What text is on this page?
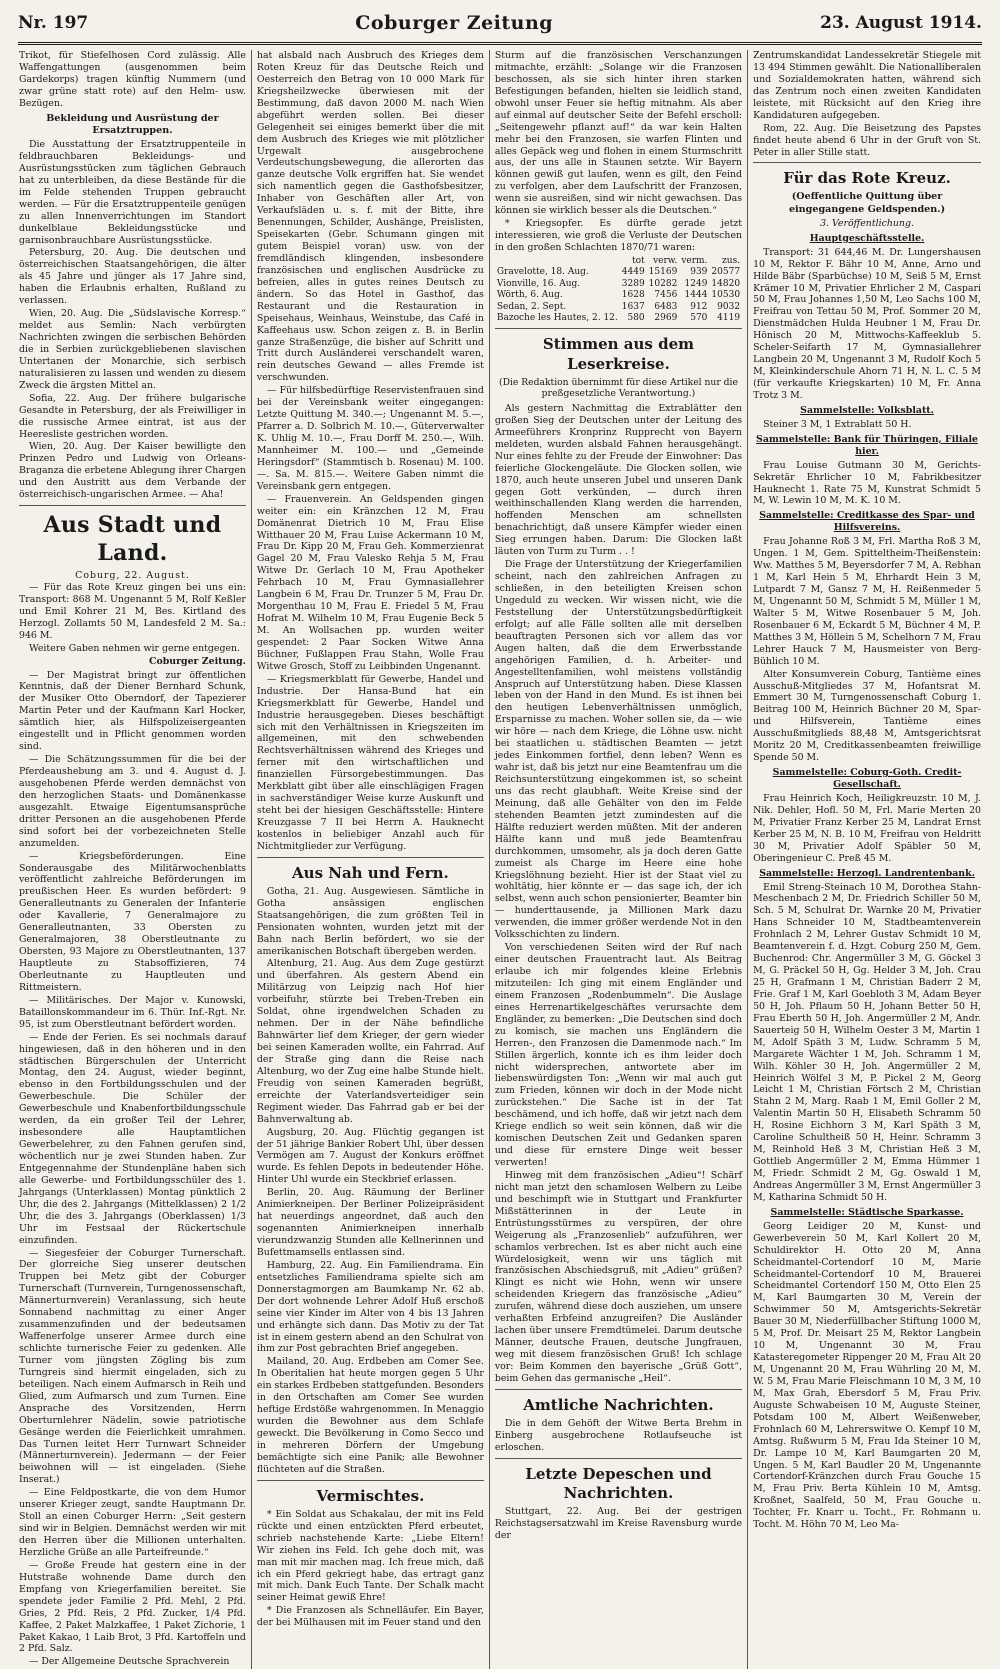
Nr. 197	Coburger Zeitung	23. August 1914.

Trikot, für Stiefelhosen Cord zulässig. Alle Waffengattungen (ausgenommen beim Gardekorps) tragen künftig Nummern (und zwar grüne statt rote) auf den Helm- usw. Bezügen.

Bekleidung und Ausrüstung der Ersatztruppen.

Die Ausstattung der Ersatztruppenteile in feldbrauchbaren Bekleidungs- und Ausrüstungsstücken zum täglichen Gebrauch hat zu unterbleiben, da diese Bestände für die im Felde stehenden Truppen gebraucht werden. — Für die Ersatztruppenteile genügen zu allen Innenverrichtungen im Standort dunkelblaue Bekleidungsstücke und garnisonbrauchbare Ausrüstungsstücke.

Petersburg, 20. Aug. Die deutschen und österreichischen Staatsangehörigen, die älter als 45 Jahre und jünger als 17 Jahre sind, haben die Erlaubnis erhalten, Rußland zu verlassen.

Wien, 20. Aug. Die „Südslavische Korresp.“ meldet aus Semlin: Nach verbürgten Nachrichten zwingen die serbischen Behörden die in Serbien zurückgebliebenen slavischen Untertanen der Monarchie, sich serbisch naturalisieren zu lassen und wenden zu diesem Zweck die ärgsten Mittel an.

Sofia, 22. Aug. Der frühere bulgarische Gesandte in Petersburg, der als Freiwilliger in die russische Armee eintrat, ist aus der Heeresliste gestrichen worden.

Wien, 20. Aug. Der Kaiser bewilligte den Prinzen Pedro und Ludwig von Orleans-Braganza die erbetene Ablegung ihrer Chargen und den Austritt aus dem Verbande der österreichisch-ungarischen Armee. — Aha!

Aus Stadt und Land.
Coburg, 22. August.

— Für das Rote Kreuz gingen bei uns ein: Transport: 868 M. Ungenannt 5 M, Rolf Keßler und Emil Kohrer 21 M, Bes. Kirtland des Herzogl. Zollamts 50 M, Landesfeld 2 M. Sa.: 946 M.

Weitere Gaben nehmen wir gerne entgegen.

Coburger Zeitung.

— Der Magistrat bringt zur öffentlichen Kenntnis, daß der Diener Bernhard Schunk, der Musiker Otto Oberndorf, der Tapezierer Martin Peter und der Kaufmann Karl Hocker, sämtlich hier, als Hilfspolizeisergeanten eingestellt und in Pflicht genommen worden sind.

— Die Schätzungssummen für die bei der Pferdeaushebung am 3. und 4. August d. J. ausgehobenen Pferde werden demnächst von den herzoglichen Staats- und Domänenkasse ausgezahlt. Etwaige Eigentumsansprüche dritter Personen an die ausgehobenen Pferde sind sofort bei der vorbezeichneten Stelle anzumelden.

— Kriegsbeförderungen. Eine Sonderausgabe des Militärwochenblatts veröffentlicht zahlreiche Beförderungen im preußischen Heer. Es wurden befördert: 9 Generalleutnants zu Generalen der Infanterie oder Kavallerie, 7 Generalmajore zu Generalleutnanten, 33 Obersten zu Generalmajoren, 38 Oberstleutnante zu Obersten, 93 Majore zu Oberstleutnanten, 137 Hauptleute zu Stabsoffizieren, 74 Oberleutnante zu Hauptleuten und Rittmeistern.

— Militärisches. Der Major v. Kunowski, Bataillonskommandeur im 6. Thür. Inf.-Rgt. Nr. 95, ist zum Oberstleutnant befördert worden.

— Ende der Ferien. Es sei nochmals darauf hingewiesen, daß in den höheren und in den städtischen Bürgerschulen der Unterricht Montag, den 24. August, wieder beginnt, ebenso in den Fortbildungsschulen und der Gewerbeschule. Die Schüler der Gewerbeschule und Knabenfortbildungsschule werden, da ein großer Teil der Lehrer, insbesondere alle Hauptamtlichen Gewerbelehrer, zu den Fahnen gerufen sind, wöchentlich nur je zwei Stunden haben. Zur Entgegennahme der Stundenpläne haben sich alle Gewerbe- und Fortbildungsschüler des 1. Jahrgangs (Unterklassen) Montag pünktlich 2 Uhr, die des 2. Jahrgangs (Mittelklassen) 2 1/2 Uhr, die des 3. Jahrgangs (Oberklassen) 1/3 Uhr im Festsaal der Rückertschule einzufinden.

— Siegesfeier der Coburger Turnerschaft. Der glorreiche Sieg unserer deutschen Truppen bei Metz gibt der Coburger Turnerschaft (Turnverein, Turngenossenschaft, Männerturnverein) Veranlassung, sich heute Sonnabend nachmittag zu einer Anger zusammenzufinden und der bedeutsamen Waffenerfolge unserer Armee durch eine schlichte turnerische Feier zu gedenken. Alle Turner vom jüngsten Zögling bis zum Turngreis sind hiermit eingeladen, sich zu beteiligen. Nach einem Aufmarsch in Reih und Glied, zum Aufmarsch und zum Turnen. Eine Ansprache des Vorsitzenden, Herrn Oberturnlehrer Nädelin, sowie patriotische Gesänge werden die Feierlichkeit umrahmen. Das Turnen leitet Herr Turnwart Schneider (Männerturnverein). Jedermann — der Feier beiwohnen will — ist eingeladen. (Siehe Inserat.)

— Eine Feldpostkarte, die von dem Humor unserer Krieger zeugt, sandte Hauptmann Dr. Stoll an einen Coburger Herrn: „Seit gestern sind wir in Belgien. Demnächst werden wir mit den Herren über die Millionen unterhalten. Herzliche Grüße an alle Parteifreunde.“

— Große Freude hat gestern eine in der Hutstraße wohnende Dame durch den Empfang von Kriegerfamilien bereitet. Sie spendete jeder Familie 2 Pfd. Mehl, 2 Pfd. Gries, 2 Pfd. Reis, 2 Pfd. Zucker, 1/4 Pfd. Kaffee, 2 Paket Malzkaffee, 1 Paket Zichorie, 1 Paket Kakao, 1 Laib Brot, 3 Pfd. Kartoffeln und 2 Pfd. Salz.

— Der Allgemeine Deutsche Sprachverein

hat alsbald nach Ausbruch des Krieges dem Roten Kreuz für das Deutsche Reich und Oesterreich den Betrag von 10 000 Mark für Kriegsheilzwecke überwiesen mit der Bestimmung, daß davon 2000 M. nach Wien abgeführt werden sollen. Bei dieser Gelegenheit sei einiges bemerkt über die mit dem Ausbruch des Krieges wie mit plötzlicher Urgewalt ausgebrochene Verdeutschungsbewegung, die allerorten das ganze deutsche Volk ergriffen hat. Sie wendet sich namentlich gegen die Gasthofsbesitzer, Inhaber von Geschäften aller Art, von Verkaufsläden u. s. f. mit der Bitte, ihre Benennungen, Schilder, Aushänge, Preislisten, Speisekarten (Gebr. Schumann gingen mit gutem Beispiel voran) usw. von der fremdländisch klingenden, insbesondere französischen und englischen Ausdrücke zu befreien, alles in gutes reines Deutsch zu ändern. So das Hotel in Gasthof, das Restaurant und die Restauration in Speisehaus, Weinhaus, Weinstube, das Café in Kaffeehaus usw. Schon zeigen z. B. in Berlin ganze Straßenzüge, die bisher auf Schritt und Tritt durch Ausländerei verschandelt waren, rein deutsches Gewand — alles Fremde ist verschwunden.

— Für hilfsbedürftige Reservistenfrauen sind bei der Vereinsbank weiter eingegangen: Letzte Quittung M. 340.—; Ungenannt M. 5.—, Pfarrer a. D. Solbrich M. 10.—, Güterverwalter K. Uhlig M. 10.—, Frau Dorff M. 250.—, Wilh. Mannheimer M. 100.— und „Gemeinde Heringsdorf“ (Stammtisch b. Rosenau) M. 100.—. Sa. M. 815.—. Weitere Gaben nimmt die Vereinsbank gern entgegen.

— Frauenverein. An Geldspenden gingen weiter ein: ein Kränzchen 12 M, Frau Domänenrat Dietrich 10 M, Frau Elise Witthauer 20 M, Frau Luise Ackermann 10 M, Frau Dr. Kipp 20 M, Frau Geh. Kommerzienrat Gagel 20 M, Frau Valesko Rehja 5 M, Frau Witwe Dr. Gerlach 10 M, Frau Apotheker Fehrbach 10 M, Frau Gymnasiallehrer Langbein 6 M, Frau Dr. Trunzer 5 M, Frau Dr. Morgenthau 10 M, Frau E. Friedel 5 M, Frau Hofrat M. Wilhelm 10 M, Frau Eugenie Beck 5 M. An Wollsachen pp. wurden weiter gespendet: 2 Paar Socken Witwe Anna Büchner, Fußlappen Frau Stahn, Wolle Frau Witwe Grosch, Stoff zu Leibbinden Ungenannt.

— Kriegsmerkblatt für Gewerbe, Handel und Industrie. Der Hansa-Bund hat ein Kriegsmerkblatt für Gewerbe, Handel und Industrie herausgegeben. Dieses beschäftigt sich mit den Verhältnissen in Kriegszeiten im allgemeinen, mit den schwebenden Rechtsverhältnissen während des Krieges und ferner mit den wirtschaftlichen und finanziellen Fürsorgebestimmungen. Das Merkblatt gibt über alle einschlägigen Fragen in sachverständiger Weise kurze Auskunft und steht bei der hiesigen Geschäftsstelle: Hintere Kreuzgasse 7 II bei Herrn A. Hauknecht kostenlos in beliebiger Anzahl auch für Nichtmitglieder zur Verfügung.

Aus Nah und Fern.

Gotha, 21. Aug. Ausgewiesen. Sämtliche in Gotha ansässigen englischen Staatsangehörigen, die zum größten Teil in Pensionaten wohnten, wurden jetzt mit der Bahn nach Berlin befördert, wo sie der amerikanischen Botschaft übergeben werden.

Altenburg, 21. Aug. Aus dem Zuge gestürzt und überfahren. Als gestern Abend ein Militärzug von Leipzig nach Hof hier vorbeifuhr, stürzte bei Treben-Treben ein Soldat, ohne irgendwelchen Schaden zu nehmen. Der in der Nähe befindliche Bahnwärter lief dem Krieger, der gern wieder bei seinen Kameraden wollte, ein Fahrrad. Auf der Straße ging dann die Reise nach Altenburg, wo der Zug eine halbe Stunde hielt. Freudig von seinen Kameraden begrüßt, erreichte der Vaterlandsverteidiger sein Regiment wieder. Das Fahrrad gab er bei der Bahnverwaltung ab.

Augsburg, 20. Aug. Flüchtig gegangen ist der 51 jährige Bankier Robert Uhl, über dessen Vermögen am 7. August der Konkurs eröffnet wurde. Es fehlen Depots in bedeutender Höhe. Hinter Uhl wurde ein Steckbrief erlassen.

Berlin, 20. Aug. Räumung der Berliner Animierkneipen. Der Berliner Polizeipräsident hat neuerdings angeordnet, daß auch den sogenannten Animierkneipen innerhalb vierundzwanzig Stunden alle Kellnerinnen und Bufettmamsells entlassen sind.

Hamburg, 22. Aug. Ein Familiendrama. Ein entsetzliches Familiendrama spielte sich am Donnerstagmorgen am Baumkamp Nr. 62 ab. Der dort wohnende Lehrer Adolf Huß erschoß seine vier Kinder im Alter von 4 bis 13 Jahren und erhängte sich dann. Das Motiv zu der Tat ist in einem gestern abend an den Schulrat von ihm zur Post gebrachten Brief angegeben.

Mailand, 20. Aug. Erdbeben am Comer See. In Oberitalien hat heute morgen gegen 5 Uhr ein starkes Erdbeben stattgefunden. Besonders in den Ortschaften am Comer See wurden heftige Erdstöße wahrgenommen. In Menaggio wurden die Bewohner aus dem Schlafe geweckt. Die Bevölkerung in Como Secco und in mehreren Dörfern der Umgebung bemächtigte sich eine Panik; alle Bewohner flüchteten auf die Straßen.

Vermischtes.

* Ein Soldat aus Schakalau, der mit ins Feld rückte und einen entzückten Pferd erbeutet, schrieb nachstehende Karte: „Liebe Eltern! Wir ziehen ins Feld. Ich gehe doch mit, was man mit mir machen mag. Ich freue mich, daß ich ein Pferd gekriegt habe, das ertragt ganz mit mich. Dank Euch Tante. Der Schalk macht seiner Heimat gewiß Ehre!

* Die Franzosen als Schnelläufer. Ein Bayer, der bei Mülhausen mit im Feuer stand und den

Sturm auf die französischen Verschanzungen mitmachte, erzählt: „Solange wir die Franzosen beschossen, als sie sich hinter ihren starken Befestigungen befanden, hielten sie leidlich stand, obwohl unser Feuer sie heftig mitnahm. Als aber auf einmal auf deutscher Seite der Befehl erscholl: „Seitengewehr pflanzt auf!“ da war kein Halten mehr bei den Franzosen, sie warfen Flinten und alles Gepäck weg und flohen in einem Sturmschritt aus, der uns alle in Staunen setzte. Wir Bayern können gewiß gut laufen, wenn es gilt, den Feind zu verfolgen, aber dem Laufschritt der Franzosen, wenn sie ausreißen, sind wir nicht gewachsen. Das können sie wirklich besser als die Deutschen.“

* Kriegsopfer. Es dürfte gerade jetzt interessieren, wie groß die Verluste der Deutschen in den großen Schlachten 1870/71 waren:

	tot	verw.	verm.	zus.
Gravelotte, 18. Aug.	4449	15169	939	20577
Vionville, 16. Aug.	3289	10282	1249	14820
Wörth, 6. Aug.	1628	7456	1444	10530
Sedan, 2. Sept.	1637	6483	912	9032
Bazoche les Hautes, 2. 12.	580	2969	570	4119
Stimmen aus dem Leserkreise.
(Die Redaktion übernimmt für diese Artikel nur die preßgesetzliche Verantwortung.)

Als gestern Nachmittag die Extrablätter den großen Sieg der Deutschen unter der Leitung des Armeeführers Kronprinz Rupprecht von Bayern meldeten, wurden alsbald Fahnen herausgehängt. Nur eines fehlte zu der Freude der Einwohner: Das feierliche Glockengeläute. Die Glocken sollen, wie 1870, auch heute unseren Jubel und unseren Dank gegen Gott verkünden, — durch ihren weithinschallenden Klang werden die harrenden, hoffenden Menschen am schnellsten benachrichtigt, daß unsere Kämpfer wieder einen Sieg errungen haben. Darum: Die Glocken laßt läuten von Turm zu Turm . . !

Die Frage der Unterstützung der Kriegerfamilien scheint, nach den zahlreichen Anfragen zu schließen, in den beteiligten Kreisen schon Ungeduld zu wecken. Wir wissen nicht, wie die Feststellung der Unterstützungsbedürftigkeit erfolgt; auf alle Fälle sollten alle mit derselben beauftragten Personen sich vor allem das vor Augen halten, daß die dem Erwerbsstande angehörigen Familien, d. h. Arbeiter- und Angestelltenfamilien, wohl meistens vollständig Anspruch auf Unterstützung haben. Diese Klassen leben von der Hand in den Mund. Es ist ihnen bei den heutigen Lebenverhältnissen unmöglich, Ersparnisse zu machen. Woher sollen sie, da — wie wir höre — nach dem Kriege, die Löhne usw. nicht bei staatlichen u. städtischen Beamten — jetzt jedes Einkommen fortfiel, denn leben? Wenn es wahr ist, daß bis jetzt nur eine Beamtenfrau um die Reichsunterstützung eingekommen ist, so scheint uns das recht glaubhaft. Weite Kreise sind der Meinung, daß alle Gehälter von den im Felde stehenden Beamten jetzt zumindesten auf die Hälfte reduziert werden müßten. Mit der anderen Hälfte kann und muß jede Beamtenfrau durchkommen, umsomehr, als ja doch deren Gatte zumeist als Charge im Heere eine hohe Kriegslöhnung bezieht. Hier ist der Staat viel zu wohltätig, hier könnte er — das sage ich, der ich selbst, wenn auch schon pensionierter, Beamter bin — hunderttausende, ja Millionen Mark dazu verwenden, die immer größer werdende Not in den Volksschichten zu lindern.

Von verschiedenen Seiten wird der Ruf nach einer deutschen Frauentracht laut. Als Beitrag erlaube ich mir folgendes kleine Erlebnis mitzuteilen: Ich ging mit einem Engländer und einem Franzosen „Rodenbummeln“. Die Auslage eines Herrenartikelgeschäftes verursachte dem Engländer, zu bemerken: „Die Deutschen sind doch zu komisch, sie machen uns Engländern die Herren-, den Franzosen die Damenmode nach.“ Im Stillen ärgerlich, konnte ich es ihm leider doch nicht widersprechen, antwortete aber im liebenswürdigsten Ton: „Wenn wir mal auch gut zum Frieden, können wir doch in der Mode nicht zurückstehen.“ Die Sache ist in der Tat beschämend, und ich hoffe, daß wir jetzt nach dem Kriege endlich so weit sein können, daß wir die komischen Deutschen Zeit und Gedanken sparen und diese für ernstere Dinge weit besser verwerten!

Hinweg mit dem französischen „Adieu“! Schärf nicht man jetzt den schamlosen Welbern zu Leibe und beschimpft wie in Stuttgart und Frankfurter Mißstätterinnen in der Leute in Entrüstungsstürmes zu verspüren, der ohre Weigerung als „Franzosenlieb“ aufzuführen, wer schamlos verbrechen. Ist es aber nicht auch eine Würdelosigkeit, wenn wir uns täglich mit französischen Abschiedsgruß, mit „Adieu“ grüßen? Klingt es nicht wie Hohn, wenn wir unsere scheidenden Kriegern das französische „Adieu“ zurufen, während diese doch ausziehen, um unsere verhaßten Erbfeind anzugreifen? Die Ausländer lachen über unsere Fremdtümelei. Darum deutsche Männer, deutsche Frauen, deutsche Jungfrauen, weg mit diesem französischen Gruß! Ich schlage vor: Beim Kommen den bayerische „Grüß Gott“, beim Gehen das germanische „Heil“.

Amtliche Nachrichten.

Die in dem Gehöft der Witwe Berta Brehm in Einberg ausgebrochene Rotlaufseuche ist erloschen.

Letzte Depeschen und Nachrichten.

Stuttgart, 22. Aug. Bei der gestrigen Reichstagsersatzwahl im Kreise Ravensburg wurde der

Zentrumskandidat Landessekretär Stiegele mit 13 494 Stimmen gewählt. Die Nationalliberalen und Sozialdemokraten hatten, während sich das Zentrum noch einen zweiten Kandidaten leistete, mit Rücksicht auf den Krieg ihre Kandidaturen aufgegeben.

Rom, 22. Aug. Die Beisetzung des Papstes findet heute abend 6 Uhr in der Gruft von St. Peter in aller Stille statt.

Für das Rote Kreuz.
(Oeffentliche Quittung über eingegangene Geldspenden.)
3. Veröffentlichung.
Hauptgeschäftsstelle.

Transport: 31 644,46 M. Dr. Lungershausen 10 M, Rektor F. Bähr 10 M, Anne, Arno und Hilde Bäbr (Sparbüchse) 10 M, Seiß 5 M, Ernst Krämer 10 M, Privatier Ehrlicher 2 M, Caspari 50 M, Frau Johannes 1,50 M, Leo Sachs 100 M, Freifrau von Tettau 50 M, Prof. Sommer 20 M, Dienstmädchen Hulda Heubner 1 M, Frau Dr. Hönisch 20 M, Mittwochs-Kaffeeklub 5. Scheler-Seifarth 17 M, Gymnasiallehrer Langbein 20 M, Ungenannt 3 M, Rudolf Koch 5 M, Kleinkinderschule Ahorn 71 H, N. L. C. 5 M (für verkaufte Kriegskarten) 10 M, Fr. Anna Trotz 3 M.

Sammelstelle: Volksblatt.

Steiner 3 M, 1 Extrablatt 50 H.

Sammelstelle: Bank für Thüringen, Filiale hier.

Frau Louise Gutmann 30 M, Gerichts-Sekretär Ehrlicher 10 M, Fabrikbesitzer Hauknecht 1. Rate 75 M, Kunstrat Schmidt 5 M, W. Lewin 10 M, M. K. 10 M.

Sammelstelle: Creditkasse des Spar- und Hilfsvereins.

Frau Johanne Roß 3 M, Frl. Martha Roß 3 M, Ungen. 1 M, Gem. Spitteltheim-Theißenstein: Ww. Matthes 5 M, Beyersdorfer 7 M, A. Rebhan 1 M, Karl Hein 5 M, Ehrhardt Hein 3 M, Lutpardt 7 M, Gansz 7 M, H. Reißenmeder 5 M, Ungenannt 50 M, Schmidt 5 M, Müller 1 M, Walter 5 M, Witwe Rosenbauer 5 M, Joh. Rosenbauer 6 M, Eckardt 5 M, Büchner 4 M, P. Matthes 3 M, Höllein 5 M, Schelhorn 7 M, Frau Lehrer Hauck 7 M, Hausmeister von Berg-Bühlich 10 M.

Alter Konsumverein Coburg, Tantième eines Ausschuß-Mitgliedes 37 M, Hofantsrat M. Emmert 30 M, Turngenossenschaft Coburg 1. Beitrag 100 M, Heinrich Büchner 20 M, Spar- und Hilfsverein, Tantième eines Ausschußmitglieds 88,48 M, Amtsgerichtsrat Moritz 20 M, Creditkassenbeamten freiwillige Spende 50 M.

Sammelstelle: Coburg-Goth. Credit-Gesellschaft.

Frau Heinrich Koch, Heiligkreuzstr. 10 M, J. Nik. Dehler, Hofl. 50 M, Frl. Marie Merten 20 M, Privatier Franz Kerber 25 M, Landrat Ernst Kerber 25 M, N. B. 10 M, Freifrau von Heldritt 30 M, Privatier Adolf Späbler 50 M, Oberingenieur C. Preß 45 M.

Sammelstelle: Herzogl. Landrentenbank.

Emil Streng-Steinach 10 M, Dorothea Stahn-Meschenbach 2 M, Dr. Friedrich Schiller 50 M, Sch. 5 M, Schulrat Dr. Warnke 20 M, Privatier Hans Schneider 10 M, Stadtbeamtenverein Frohnlach 2 M, Lehrer Gustav Schmidt 10 M, Beamtenverein f. d. Hzgt. Coburg 250 M, Gem. Buchenrod: Chr. Angermüller 3 M, G. Göckel 3 M, G. Präckel 50 H, Gg. Helder 3 M, Joh. Crau 25 H, Grafmann 1 M, Christian Baderr 2 M, Frie. Graf 1 M, Karl Goebloth 3 M, Adam Beyer 50 H, Joh. Pflaum 50 H, Johann Better 50 H, Frau Eberth 50 H, Joh. Angermüller 2 M, Andr. Sauerteig 50 H, Wilhelm Oester 3 M, Martin 1 M, Adolf Späth 3 M, Ludw. Schramm 5 M, Margarete Wächter 1 M, Joh. Schramm 1 M, Wilh. Köhler 30 H, Joh. Angermüller 2 M, Heinrich Wölfel 3 M, P. Pickel 2 M, Georg Leicht 1 M, Christian Förtsch 2 M, Christian Stahn 2 M, Marg. Raab 1 M, Emil Goller 2 M, Valentin Martin 50 H, Elisabeth Schramm 50 H, Rosine Eichhorn 3 M, Karl Späth 3 M, Caroline Schultheiß 50 H, Heinr. Schramm 3 M, Reinhold Heß 3 M, Christian Heß 3 M, Gottlieb Angermüller 2 M, Emma Hümmer 1 M, Friedr. Schmidt 2 M, Gg. Oswald 1 M, Andreas Angermüller 3 M, Ernst Angermüller 3 M, Katharina Schmidt 50 H.

Sammelstelle: Städtische Sparkasse.

Georg Leidiger 20 M, Kunst- und Gewerbeverein 50 M, Karl Kollert 20 M, Schuldirektor H. Otto 20 M, Anna Scheidmantel-Cortendorf 10 M, Marie Scheidmantel-Cortendorf 10 M, Brauerei Scheidmantel Cortendorf 150 M, Otto Elen 25 M, Karl Baumgarten 30 M, Verein der Schwimmer 50 M, Amtsgerichts-Sekretär Bauer 30 M, Niederfüllbacher Stiftung 1000 M, 5 M, Prof. Dr. Meisart 25 M, Rektor Langbein 10 M, Ungenannt 30 M, Frau Katasteregometer Rippenger 20 M, Frau Alt 20 M, Ungenannt 20 M, Frau Wührling 20 M, M. W. 5 M, Frau Marie Fleischmann 10 M, 3 M, 10 M, Max Grah, Ebersdorf 5 M, Frau Priv. Auguste Schwabeisen 10 M, Auguste Steiner, Potsdam 100 M, Albert Weißenweber, Frohnlach 60 M, Lehrerswitwe O. Kempf 10 M, Amtsg. Rußwurm 5 M, Frau Ida Steiner 10 M, Dr. Lampe 10 M, Karl Baumgarten 20 M, Ungen. 5 M, Karl Baudler 20 M, Ungenannte Cortendorf-Kränzchen durch Frau Gouche 15 M, Frau Priv. Berta Kühlein 10 M, Amtsg. Kroßnet, Saalfeld, 50 M, Frau Gouche u. Tochter, Fr. Knarr u. Tocht., Fr. Rohmann u. Tocht. M. Höhn 70 M, Leo Ma-
